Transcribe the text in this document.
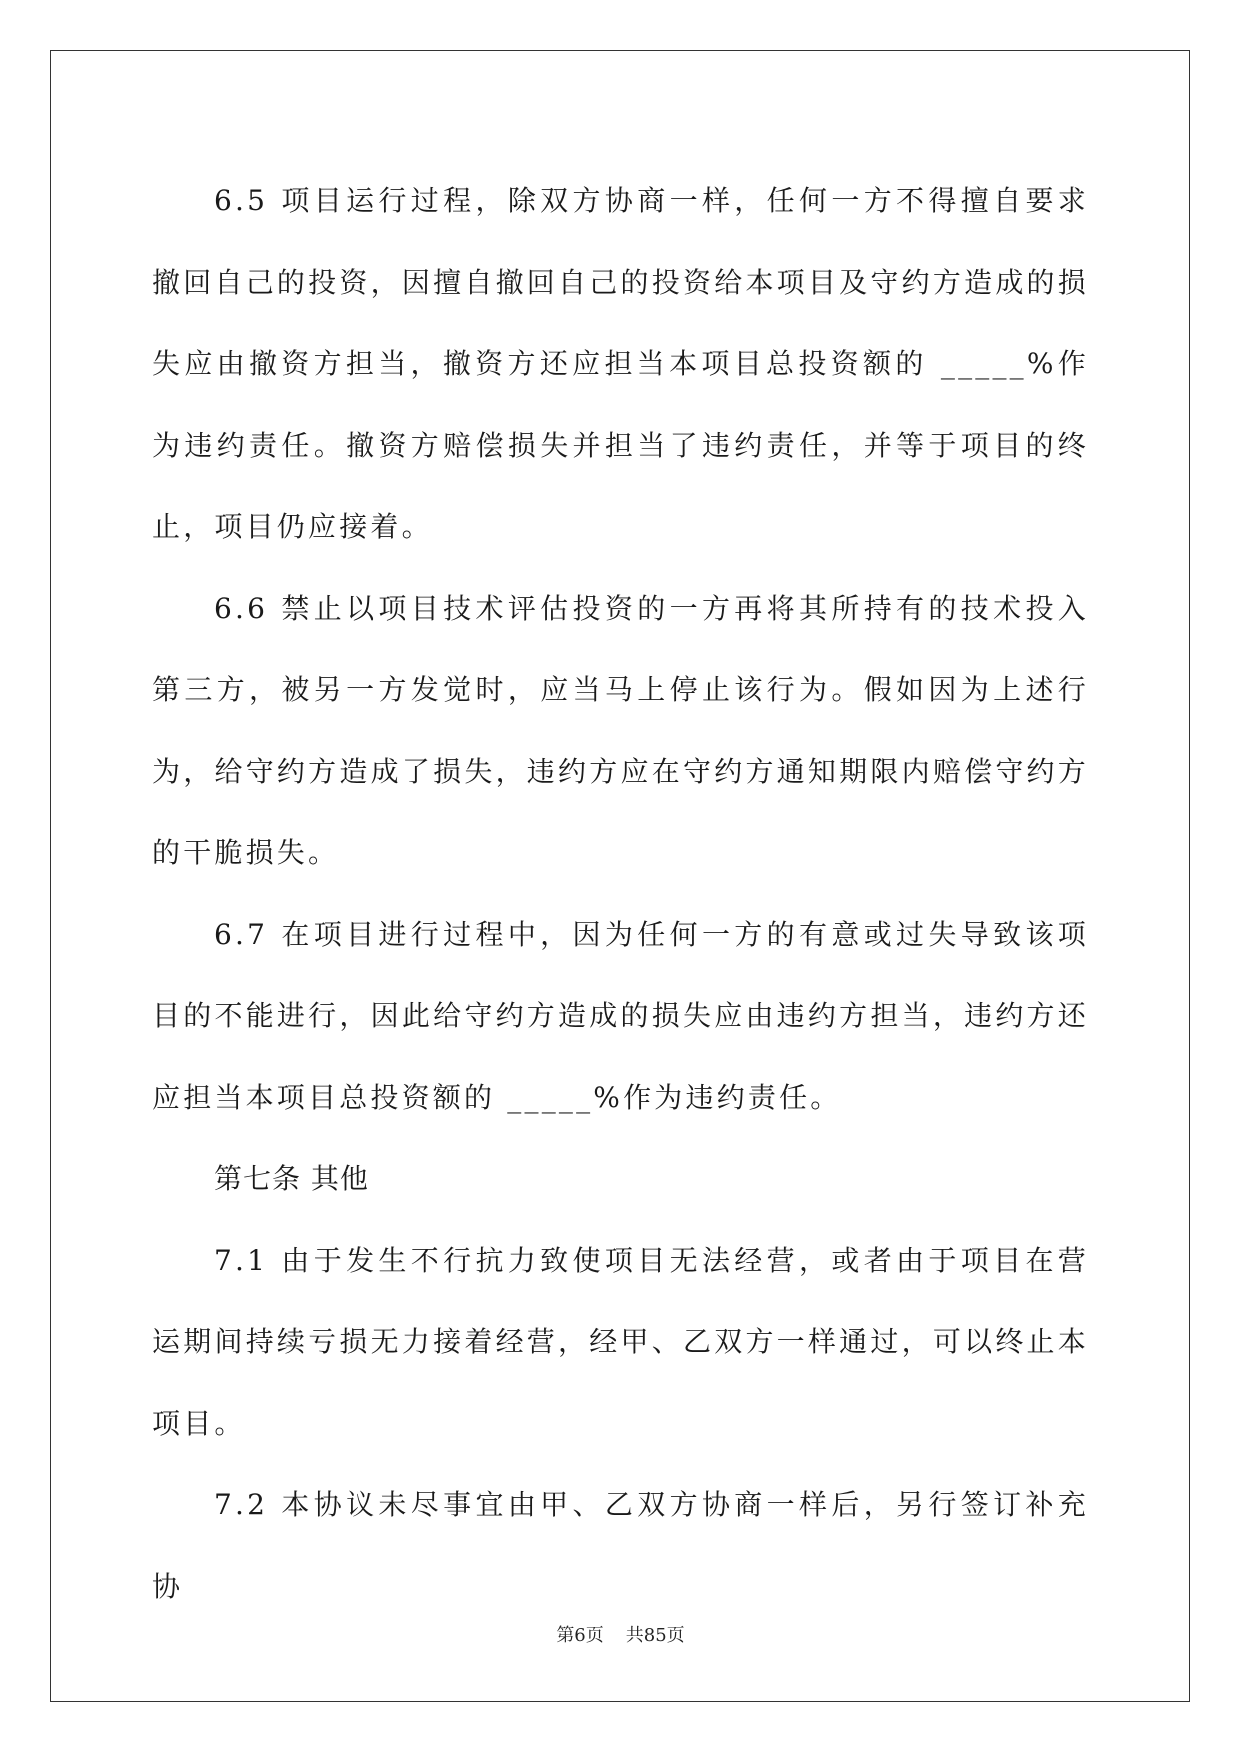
6.5 项目运行过程，除双方协商一样，任何一方不得擅自要求撤回自己的投资，因擅自撤回自己的投资给本项目及守约方造成的损失应由撤资方担当，撤资方还应担当本项目总投资额的 _____%作为违约责任。撤资方赔偿损失并担当了违约责任，并等于项目的终止，项目仍应接着。

6.6 禁止以项目技术评估投资的一方再将其所持有的技术投入第三方，被另一方发觉时，应当马上停止该行为。假如因为上述行为，给守约方造成了损失，违约方应在守约方通知期限内赔偿守约方的干脆损失。

6.7 在项目进行过程中，因为任何一方的有意或过失导致该项目的不能进行，因此给守约方造成的损失应由违约方担当，违约方还应担当本项目总投资额的 _____%作为违约责任。

第七条 其他

7.1 由于发生不行抗力致使项目无法经营，或者由于项目在营运期间持续亏损无力接着经营，经甲、乙双方一样通过，可以终止本项目。

7.2 本协议未尽事宜由甲、乙双方协商一样后，另行签订补充协

第6页 共85页
